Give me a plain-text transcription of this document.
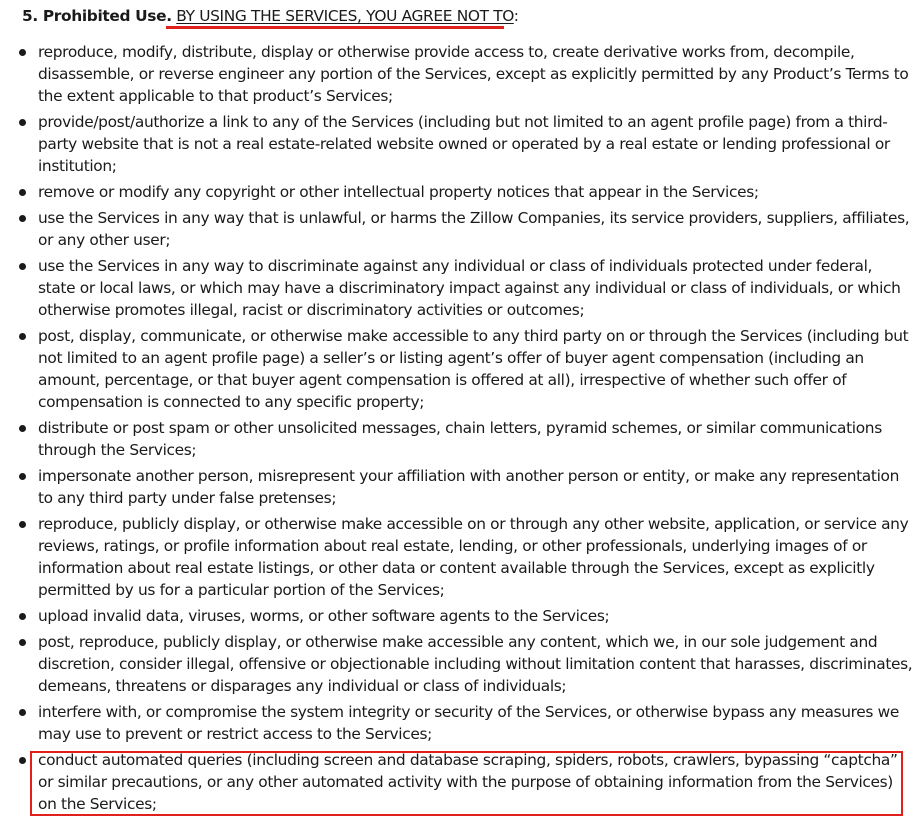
5. Prohibited Use. BY USING THE SERVICES, YOU AGREE NOT TO:
reproduce, modify, distribute, display or otherwise provide access to, create derivative works from, decompile, disassemble, or reverse engineer any portion of the Services, except as explicitly permitted by any Product’s Terms to the extent applicable to that product’s Services;
provide/post/authorize a link to any of the Services (including but not limited to an agent profile page) from a third-party website that is not a real estate-related website owned or operated by a real estate or lending professional or institution;
remove or modify any copyright or other intellectual property notices that appear in the Services;
use the Services in any way that is unlawful, or harms the Zillow Companies, its service providers, suppliers, affiliates, or any other user;
use the Services in any way to discriminate against any individual or class of individuals protected under federal, state or local laws, or which may have a discriminatory impact against any individual or class of individuals, or which otherwise promotes illegal, racist or discriminatory activities or outcomes;
post, display, communicate, or otherwise make accessible to any third party on or through the Services (including but not limited to an agent profile page) a seller’s or listing agent’s offer of buyer agent compensation (including an amount, percentage, or that buyer agent compensation is offered at all), irrespective of whether such offer of compensation is connected to any specific property;
distribute or post spam or other unsolicited messages, chain letters, pyramid schemes, or similar communications through the Services;
impersonate another person, misrepresent your affiliation with another person or entity, or make any representation to any third party under false pretenses;
reproduce, publicly display, or otherwise make accessible on or through any other website, application, or service any reviews, ratings, or profile information about real estate, lending, or other professionals, underlying images of or information about real estate listings, or other data or content available through the Services, except as explicitly permitted by us for a particular portion of the Services;
upload invalid data, viruses, worms, or other software agents to the Services;
post, reproduce, publicly display, or otherwise make accessible any content, which we, in our sole judgement and discretion, consider illegal, offensive or objectionable including without limitation content that harasses, discriminates, demeans, threatens or disparages any individual or class of individuals;
interfere with, or compromise the system integrity or security of the Services, or otherwise bypass any measures we may use to prevent or restrict access to the Services;
conduct automated queries (including screen and database scraping, spiders, robots, crawlers, bypassing “captcha” or similar precautions, or any other automated activity with the purpose of obtaining information from the Services) on the Services;
